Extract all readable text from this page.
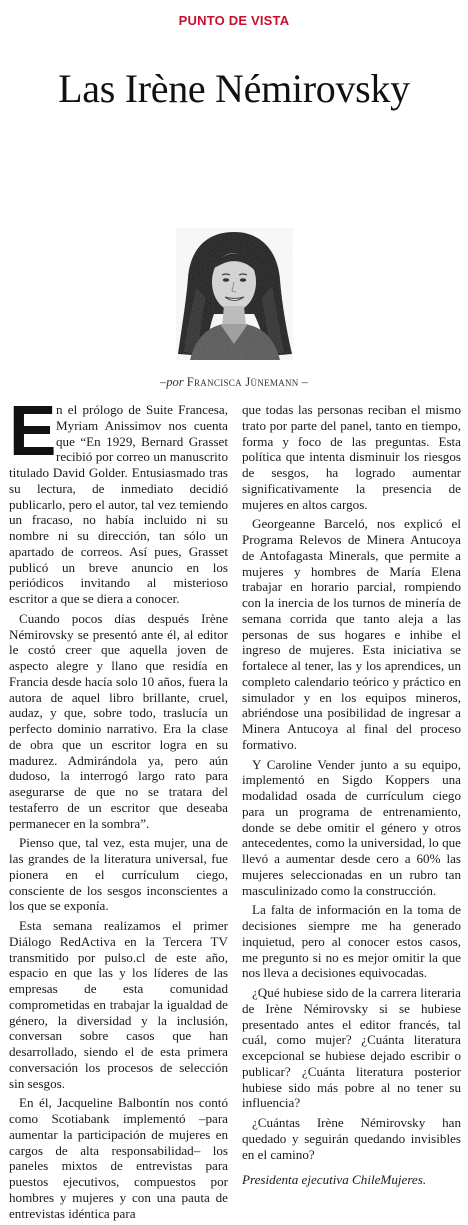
PUNTO DE VISTA
Las Irène Némirovsky
–por Francisca Jünemann –

En el prólogo de Suite Francesa, Myriam Anissimov nos cuenta que “En 1929, Bernard Grasset recibió por correo un manuscrito titulado David Golder. Entusiasmado tras su lectura, de inmediato decidió publicarlo, pero el autor, tal vez temiendo un fracaso, no había incluido ni su nombre ni su dirección, tan sólo un apartado de correos. Así pues, Grasset publicó un breve anuncio en los periódicos invitando al misterioso escritor a que se diera a conocer.

Cuando pocos días después Irène Némirovsky se presentó ante él, al editor le costó creer que aquella joven de aspecto alegre y llano que residía en Francia desde hacía solo 10 años, fuera la autora de aquel libro brillante, cruel, audaz, y que, sobre todo, traslucía un perfecto dominio narrativo. Era la clase de obra que un escritor logra en su madurez. Admirándola ya, pero aún dudoso, la interrogó largo rato para asegurarse de que no se tratara del testaferro de un escritor que deseaba permanecer en la sombra”.

Pienso que, tal vez, esta mujer, una de las grandes de la literatura universal, fue pionera en el currículum ciego, consciente de los sesgos inconscientes a los que se exponía.

Esta semana realizamos el primer Diálogo RedActiva en la Tercera TV transmitido por pulso.cl de este año, espacio en que las y los líderes de las empresas de esta comunidad comprometidas en trabajar la igualdad de género, la diversidad y la inclusión, conversan sobre casos que han desarrollado, siendo el de esta primera conversación los procesos de selección sin sesgos.

En él, Jacqueline Balbontín nos contó como Scotiabank implementó –para aumentar la participación de mujeres en cargos de alta responsabilidad– los paneles mixtos de entrevistas para puestos ejecutivos, compuestos por hombres y mujeres y con una pauta de entrevistas idéntica para

que todas las personas reciban el mismo trato por parte del panel, tanto en tiempo, forma y foco de las preguntas. Esta política que intenta disminuir los riesgos de sesgos, ha logrado aumentar significativamente la presencia de mujeres en altos cargos.

Georgeanne Barceló, nos explicó el Programa Relevos de Minera Antucoya de Antofagasta Minerals, que permite a mujeres y hombres de María Elena trabajar en horario parcial, rompiendo con la inercia de los turnos de minería de semana corrida que tanto aleja a las personas de sus hogares e inhibe el ingreso de mujeres. Esta iniciativa se fortalece al tener, las y los aprendices, un completo calendario teórico y práctico en simulador y en los equipos mineros, abriéndose una posibilidad de ingresar a Minera Antucoya al final del proceso formativo.

Y Caroline Vender junto a su equipo, implementó en Sigdo Koppers una modalidad osada de currículum ciego para un programa de entrenamiento, donde se debe omitir el género y otros antecedentes, como la universidad, lo que llevó a aumentar desde cero a 60% las mujeres seleccionadas en un rubro tan masculinizado como la construcción.

La falta de información en la toma de decisiones siempre me ha generado inquietud, pero al conocer estos casos, me pregunto si no es mejor omitir la que nos lleva a decisiones equivocadas.

¿Qué hubiese sido de la carrera literaria de Irène Némirovsky si se hubiese presentado antes el editor francés, tal cuál, como mujer? ¿Cuánta literatura excepcional se hubiese dejado escribir o publicar? ¿Cuánta literatura posterior hubiese sido más pobre al no tener su influencia?

¿Cuántas Irène Némirovsky han quedado y seguirán quedando invisibles en el camino?

Presidenta ejecutiva ChileMujeres.
